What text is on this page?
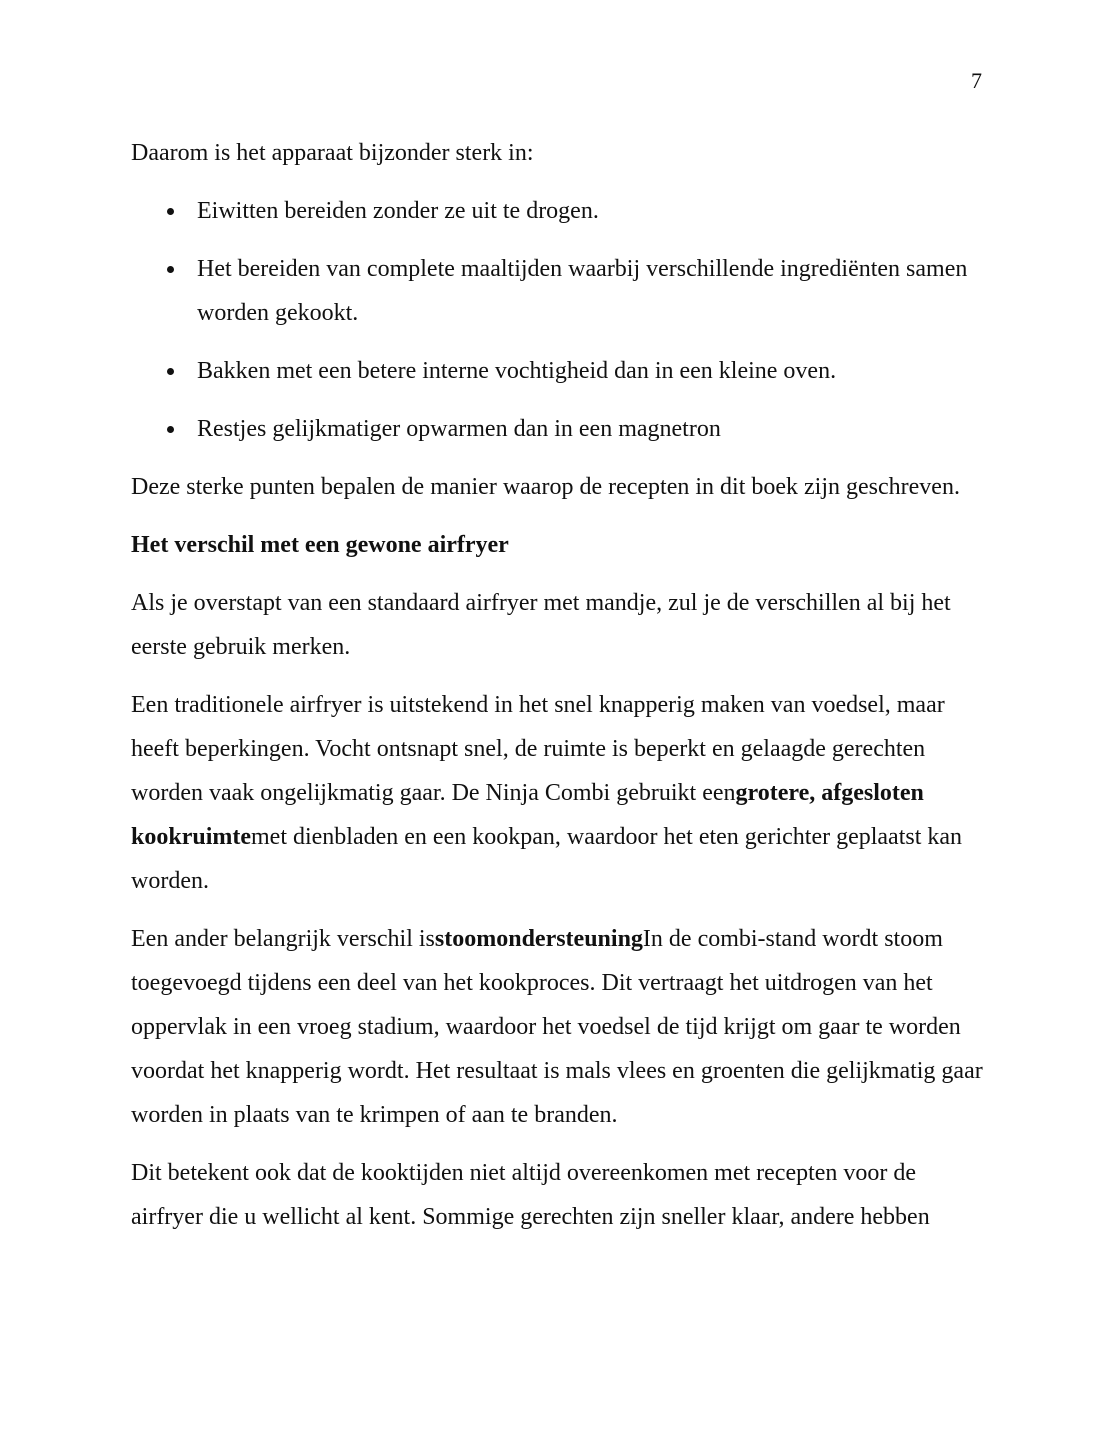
7

Daarom is het apparaat bijzonder sterk in:

Eiwitten bereiden zonder ze uit te drogen.
Het bereiden van complete maaltijden waarbij verschillende ingrediënten samen worden gekookt.
Bakken met een betere interne vochtigheid dan in een kleine oven.
Restjes gelijkmatiger opwarmen dan in een magnetron

Deze sterke punten bepalen de manier waarop de recepten in dit boek zijn geschreven.

Het verschil met een gewone airfryer

Als je overstapt van een standaard airfryer met mandje, zul je de verschillen al bij het eerste gebruik merken.

Een traditionele airfryer is uitstekend in het snel knapperig maken van voedsel, maar heeft beperkingen. Vocht ontsnapt snel, de ruimte is beperkt en gelaagde gerechten worden vaak ongelijkmatig gaar. De Ninja Combi gebruikt eengrotere, afgesloten kookruimtemet dienbladen en een kookpan, waardoor het eten gerichter geplaatst kan worden.

Een ander belangrijk verschil isstoomondersteuningIn de combi-stand wordt stoom toegevoegd tijdens een deel van het kookproces. Dit vertraagt het uitdrogen van het oppervlak in een vroeg stadium, waardoor het voedsel de tijd krijgt om gaar te worden voordat het knapperig wordt. Het resultaat is mals vlees en groenten die gelijkmatig gaar worden in plaats van te krimpen of aan te branden.

Dit betekent ook dat de kooktijden niet altijd overeenkomen met recepten voor de airfryer die u wellicht al kent. Sommige gerechten zijn sneller klaar, andere hebben
